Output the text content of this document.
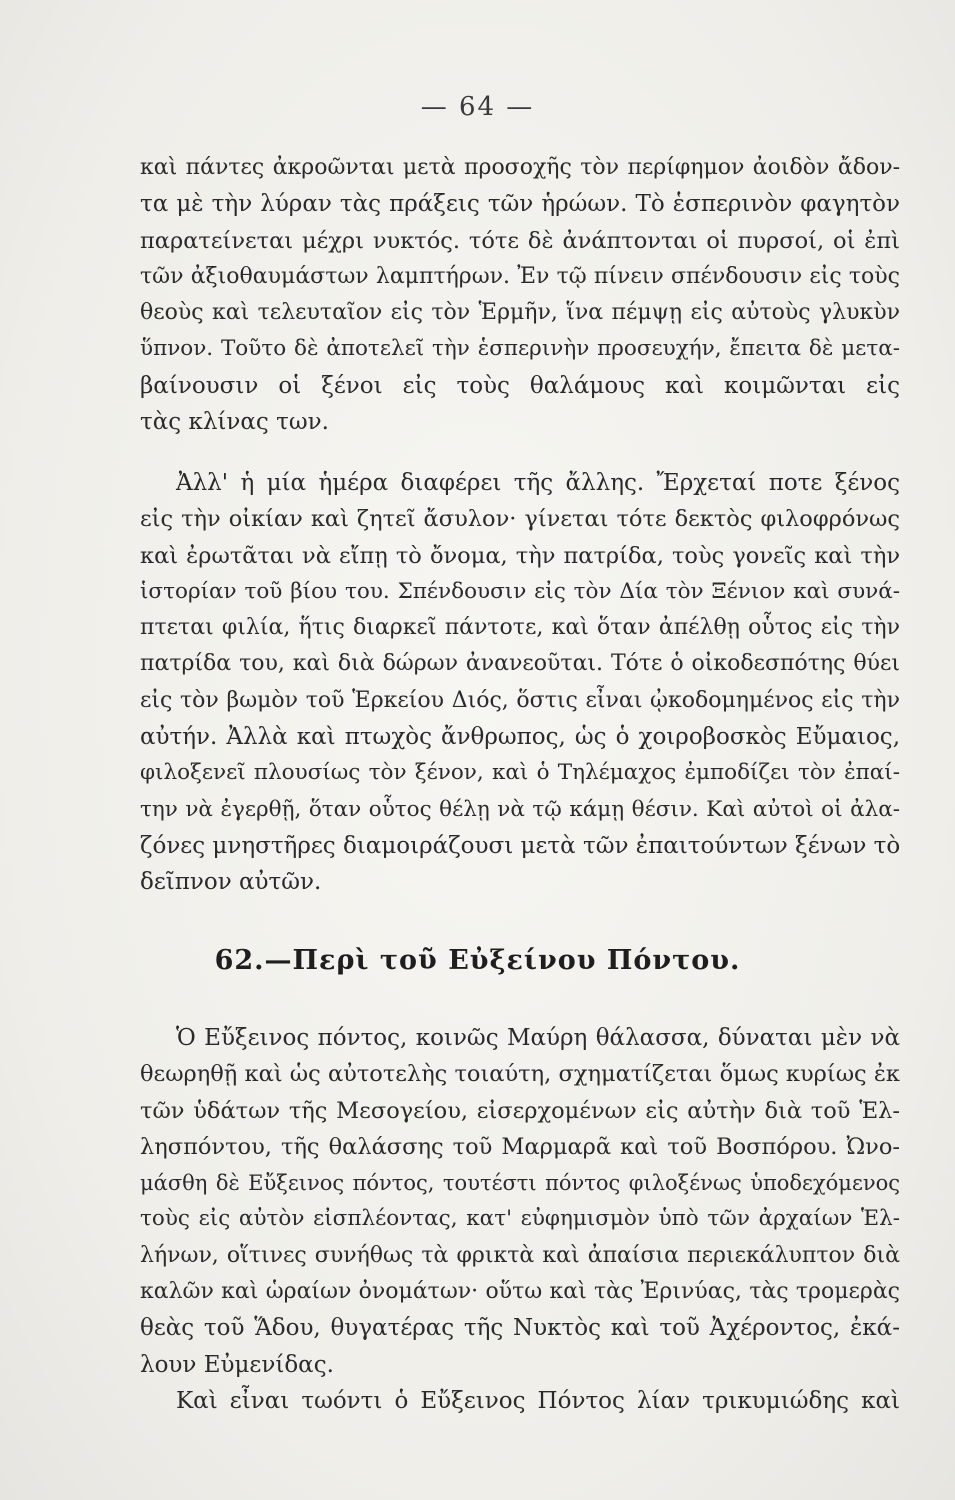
— 64 —
καὶ πάντες ἀκροῶνται μετὰ προσοχῆς τὸν περίφημον ἀοιδὸν ἄδον-
τα μὲ τὴν λύραν τὰς πράξεις τῶν ἡρώων. Τὸ ἑσπερινὸν φαγητὸν
παρατείνεται μέχρι νυκτός. τότε δὲ ἀνάπτονται οἱ πυρσοί, οἱ ἐπὶ
τῶν ἀξιοθαυμάστων λαμπτήρων. Ἐν τῷ πίνειν σπένδουσιν εἰς τοὺς
θεοὺς καὶ τελευταῖον εἰς τὸν Ἑρμῆν, ἵνα πέμψῃ εἰς αὐτοὺς γλυκὺν
ὕπνον. Τοῦτο δὲ ἀποτελεῖ τὴν ἑσπερινὴν προσευχήν, ἔπειτα δὲ μετα-
βαίνουσιν οἱ ξένοι εἰς τοὺς θαλάμους καὶ κοιμῶνται εἰς
τὰς κλίνας των.
Ἀλλ' ἡ μία ἡμέρα διαφέρει τῆς ἄλλης. Ἔρχεταί ποτε ξένος
εἰς τὴν οἰκίαν καὶ ζητεῖ ἄσυλον· γίνεται τότε δεκτὸς φιλοφρόνως
καὶ ἐρωτᾶται νὰ εἴπῃ τὸ ὄνομα, τὴν πατρίδα, τοὺς γονεῖς καὶ τὴν
ἱστορίαν τοῦ βίου του. Σπένδουσιν εἰς τὸν Δία τὸν Ξένιον καὶ συνά-
πτεται φιλία, ἥτις διαρκεῖ πάντοτε, καὶ ὅταν ἀπέλθῃ οὗτος εἰς τὴν
πατρίδα του, καὶ διὰ δώρων ἀνανεοῦται. Τότε ὁ οἰκοδεσπότης θύει
εἰς τὸν βωμὸν τοῦ Ἑρκείου Διός, ὅστις εἶναι ᾠκοδομημένος εἰς τὴν
αὐτήν. Ἀλλὰ καὶ πτωχὸς ἄνθρωπος, ὡς ὁ χοιροβοσκὸς Εὔμαιος,
φιλοξενεῖ πλουσίως τὸν ξένον, καὶ ὁ Τηλέμαχος ἐμποδίζει τὸν ἐπαί-
την νὰ ἐγερθῇ, ὅταν οὗτος θέλῃ νὰ τῷ κάμῃ θέσιν. Καὶ αὐτοὶ οἱ ἀλα-
ζόνες μνηστῆρες διαμοιράζουσι μετὰ τῶν ἐπαιτούντων ξένων τὸ
δεῖπνον αὐτῶν.
62.—Περὶ τοῦ Εὐξείνου Πόντου.
Ὁ Εὔξεινος πόντος, κοινῶς Μαύρη θάλασσα, δύναται μὲν νὰ
θεωρηθῇ καὶ ὡς αὐτοτελὴς τοιαύτη, σχηματίζεται ὅμως κυρίως ἐκ
τῶν ὑδάτων τῆς Μεσογείου, εἰσερχομένων εἰς αὐτὴν διὰ τοῦ Ἑλ-
λησπόντου, τῆς θαλάσσης τοῦ Μαρμαρᾶ καὶ τοῦ Βοσπόρου. Ὠνο-
μάσθη δὲ Εὔξεινος πόντος, τουτέστι πόντος φιλοξένως ὑποδεχόμενος
τοὺς εἰς αὐτὸν εἰσπλέοντας, κατ' εὐφημισμὸν ὑπὸ τῶν ἀρχαίων Ἑλ-
λήνων, οἵτινες συνήθως τὰ φρικτὰ καὶ ἀπαίσια περιεκάλυπτον διὰ
καλῶν καὶ ὡραίων ὀνομάτων· οὕτω καὶ τὰς Ἐρινύας, τὰς τρομερὰς
θεὰς τοῦ Ἅδου, θυγατέρας τῆς Νυκτὸς καὶ τοῦ Ἀχέροντος, ἐκά-
λουν Εὐμενίδας.
Καὶ εἶναι τωόντι ὁ Εὔξεινος Πόντος λίαν τρικυμιώδης καὶ
